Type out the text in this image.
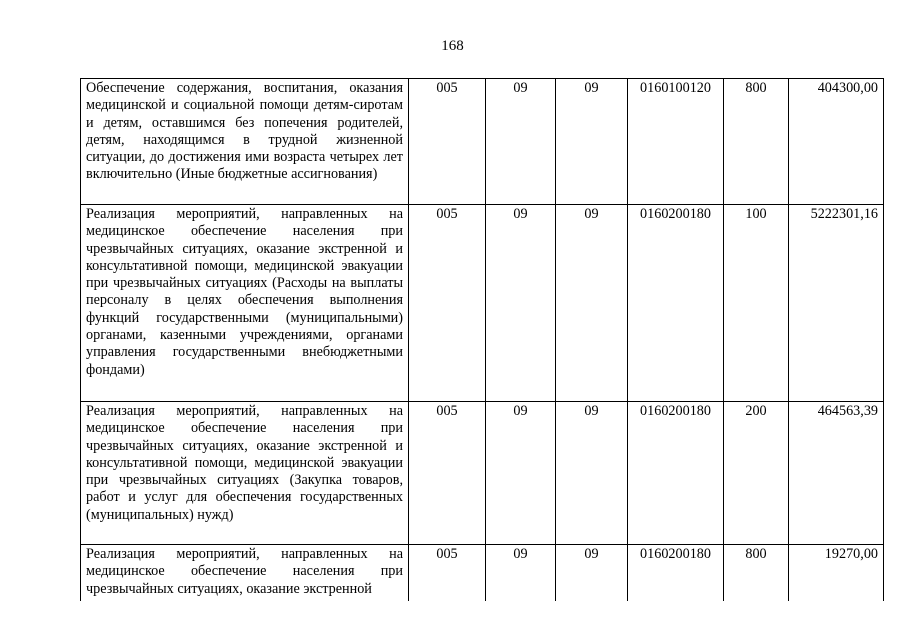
168
Обеспечение содержания, воспитания, оказания медицинской и социальной помощи детям-сиротам и детям, оставшимся без попечения родителей, детям, находящимся в трудной жизненной ситуации, до достижения ими возраста четырех лет включительно (Иные бюджетные ассигнования)	005	09	09	0160100120	800	404300,00
Реализация мероприятий, направленных на медицинское обеспечение населения при чрезвычайных ситуациях, оказание экстренной и консультативной помощи, медицинской эвакуации при чрезвычайных ситуациях (Расходы на выплаты персоналу в целях обеспечения выполнения функций государственными (муниципальными) органами, казенными учреждениями, органами управления государственными внебюджетными фондами)	005	09	09	0160200180	100	5222301,16
Реализация мероприятий, направленных на медицинское обеспечение населения при чрезвычайных ситуациях, оказание экстренной и консультативной помощи, медицинской эвакуации при чрезвычайных ситуациях (Закупка товаров, работ и услуг для обеспечения государственных (муниципальных) нужд)	005	09	09	0160200180	200	464563,39
Реализация мероприятий, направленных на медицинское обеспечение населения при чрезвычайных ситуациях, оказание экстренной	005	09	09	0160200180	800	19270,00
